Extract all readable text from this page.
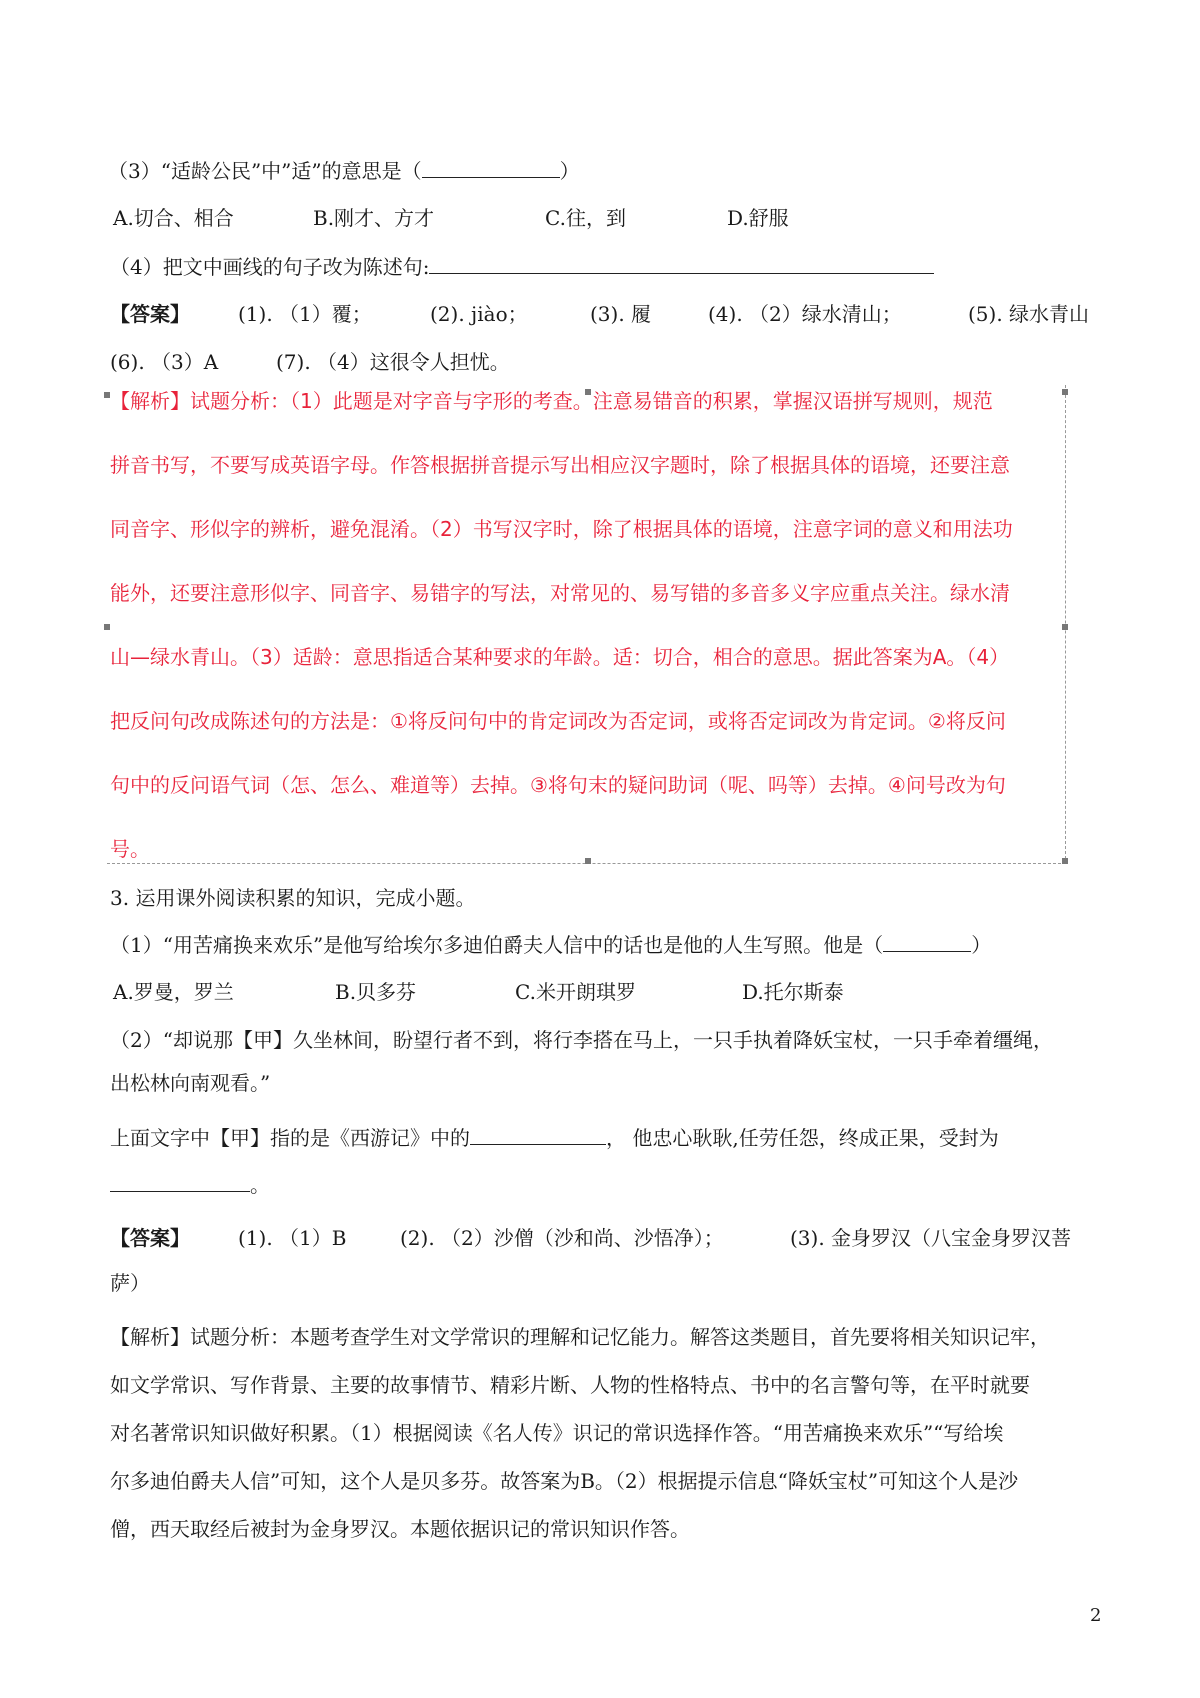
（3）“适龄公民”中”适”的意思是（	）
A.切合、相合	B.刚才、方才	C.往，到	D.舒服
（4）把文中画线的句子改为陈述句:
【答案】 (1). （1）覆；	(2). jiào；	(3). 履	(4). （2）绿水清山；	(5). 绿水青山
(6). （3）A	(7). （4）这很令人担忧。
【解析】试题分析：（1）此题是对字音与字形的考查。注意易错音的积累，掌握汉语拼写规则，规范
拼音书写，不要写成英语字母。作答根据拼音提示写出相应汉字题时，除了根据具体的语境，还要注意
同音字、形似字的辨析，避免混淆。（2）书写汉字时，除了根据具体的语境，注意字词的意义和用法功
能外，还要注意形似字、同音字、易错字的写法，对常见的、易写错的多音多义字应重点关注。绿水清
山—绿水青山。（3）适龄：意思指适合某种要求的年龄。适：切合，相合的意思。据此答案为A。（4）
把反问句改成陈述句的方法是：①将反问句中的肯定词改为否定词，或将否定词改为肯定词。②将反问
句中的反问语气词（怎、怎么、难道等）去掉。③将句末的疑问助词（呢、吗等）去掉。④问号改为句
号。
3. 运用课外阅读积累的知识，完成小题。
（1）“用苦痛换来欢乐”是他写给埃尔多迪伯爵夫人信中的话也是他的人生写照。他是（	）
A.罗曼，罗兰	B.贝多芬	C.米开朗琪罗	D.托尔斯泰
（2）“却说那【甲】久坐林间，盼望行者不到，将行李搭在马上，一只手执着降妖宝杖，一只手牵着缰绳，
出松林向南观看。”
上面文字中【甲】指的是《西游记》中的	， 他忠心耿耿,任劳任怨，终成正果，受封为
。
【答案】 (1). （1）B	(2). （2）沙僧（沙和尚、沙悟净）；	(3). 金身罗汉（八宝金身罗汉菩
萨）
【解析】试题分析：本题考查学生对文学常识的理解和记忆能力。解答这类题目，首先要将相关知识记牢，
如文学常识、写作背景、主要的故事情节、精彩片断、人物的性格特点、书中的名言警句等，在平时就要
对名著常识知识做好积累。（1）根据阅读《名人传》识记的常识选择作答。“用苦痛换来欢乐”“写给埃
尔多迪伯爵夫人信”可知，这个人是贝多芬。故答案为B。（2）根据提示信息“降妖宝杖”可知这个人是沙
僧，西天取经后被封为金身罗汉。本题依据识记的常识知识作答。
2
